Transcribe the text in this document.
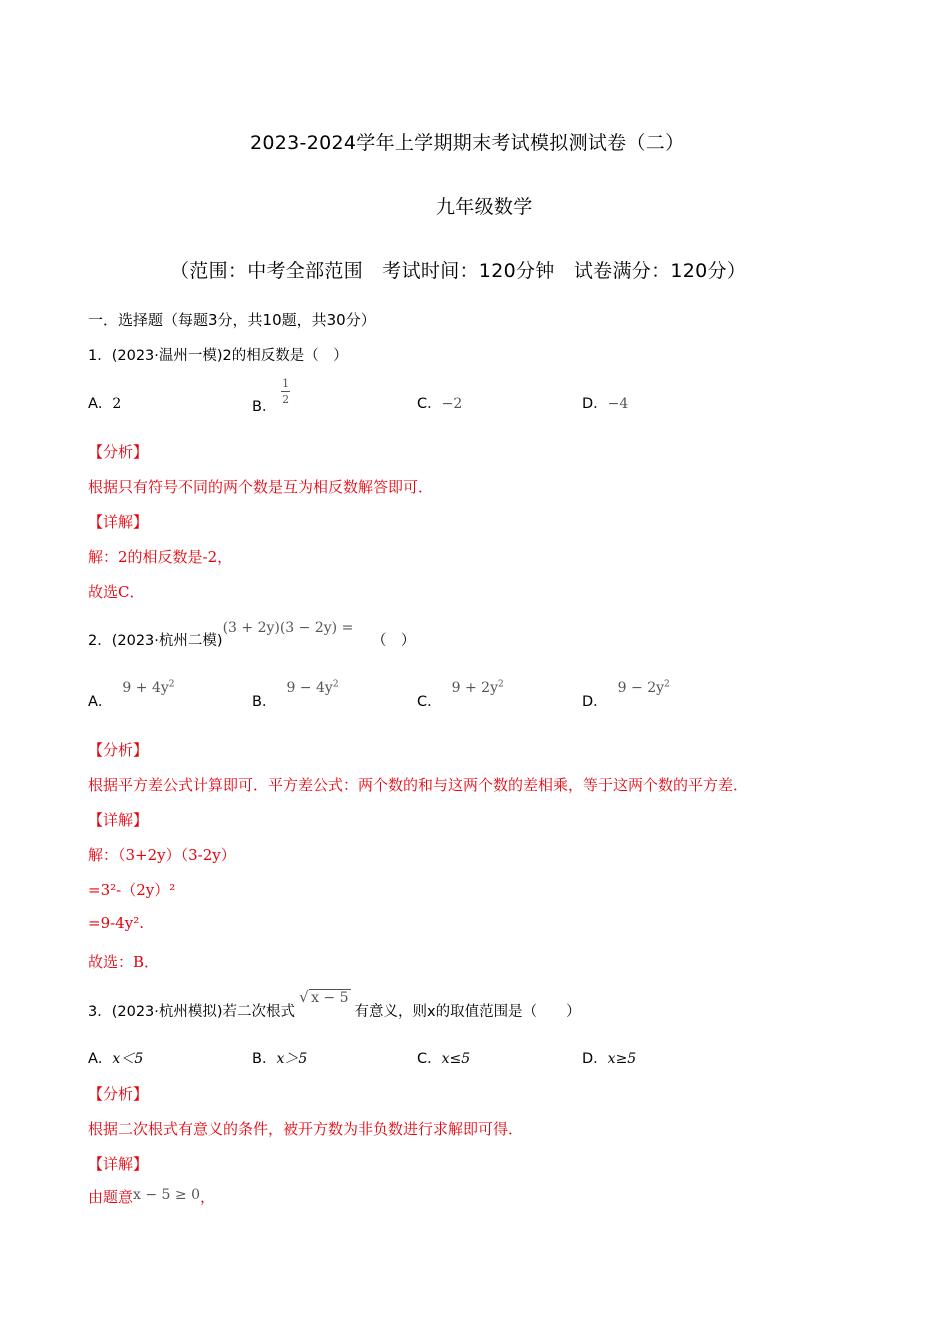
2023-2024学年上学期期末考试模拟测试卷（二）
九年级数学
（范围：中考全部范围　考试时间：120分钟　试卷满分：120分）
一．选择题（每题3分，共10题，共30分）
1．(2023·温州一模)2的相反数是（　）
A．2	B．
$\frac{1}{2}$	C．−2	D．−4
【分析】
根据只有符号不同的两个数是互为相反数解答即可．
【详解】
解：2的相反数是-2，
故选C．
2．(2023·杭州二模)(3 + 2y)(3 − 2y) = （　）
A．$9 + 4y^2$
B．$9 - 4y^2$
C．$9 + 2y^2$
D．$9 - 2y^2$
【分析】
根据平方差公式计算即可．平方差公式：两个数的和与这两个数的差相乘，等于这两个数的平方差．
【详解】
解：（3+2y）（3-2y）
=3²-（2y）²
=9-4y².
故选：B．
3．(2023·杭州模拟)若二次根式
√ x − 5有意义，则x的取值范围是（　　）
A．x＜5	B．x＞5	C．x≤5	D．x≥5
【分析】
根据二次根式有意义的条件，被开方数为非负数进行求解即可得．
【详解】
由题意x − 5 ≥ 0，
